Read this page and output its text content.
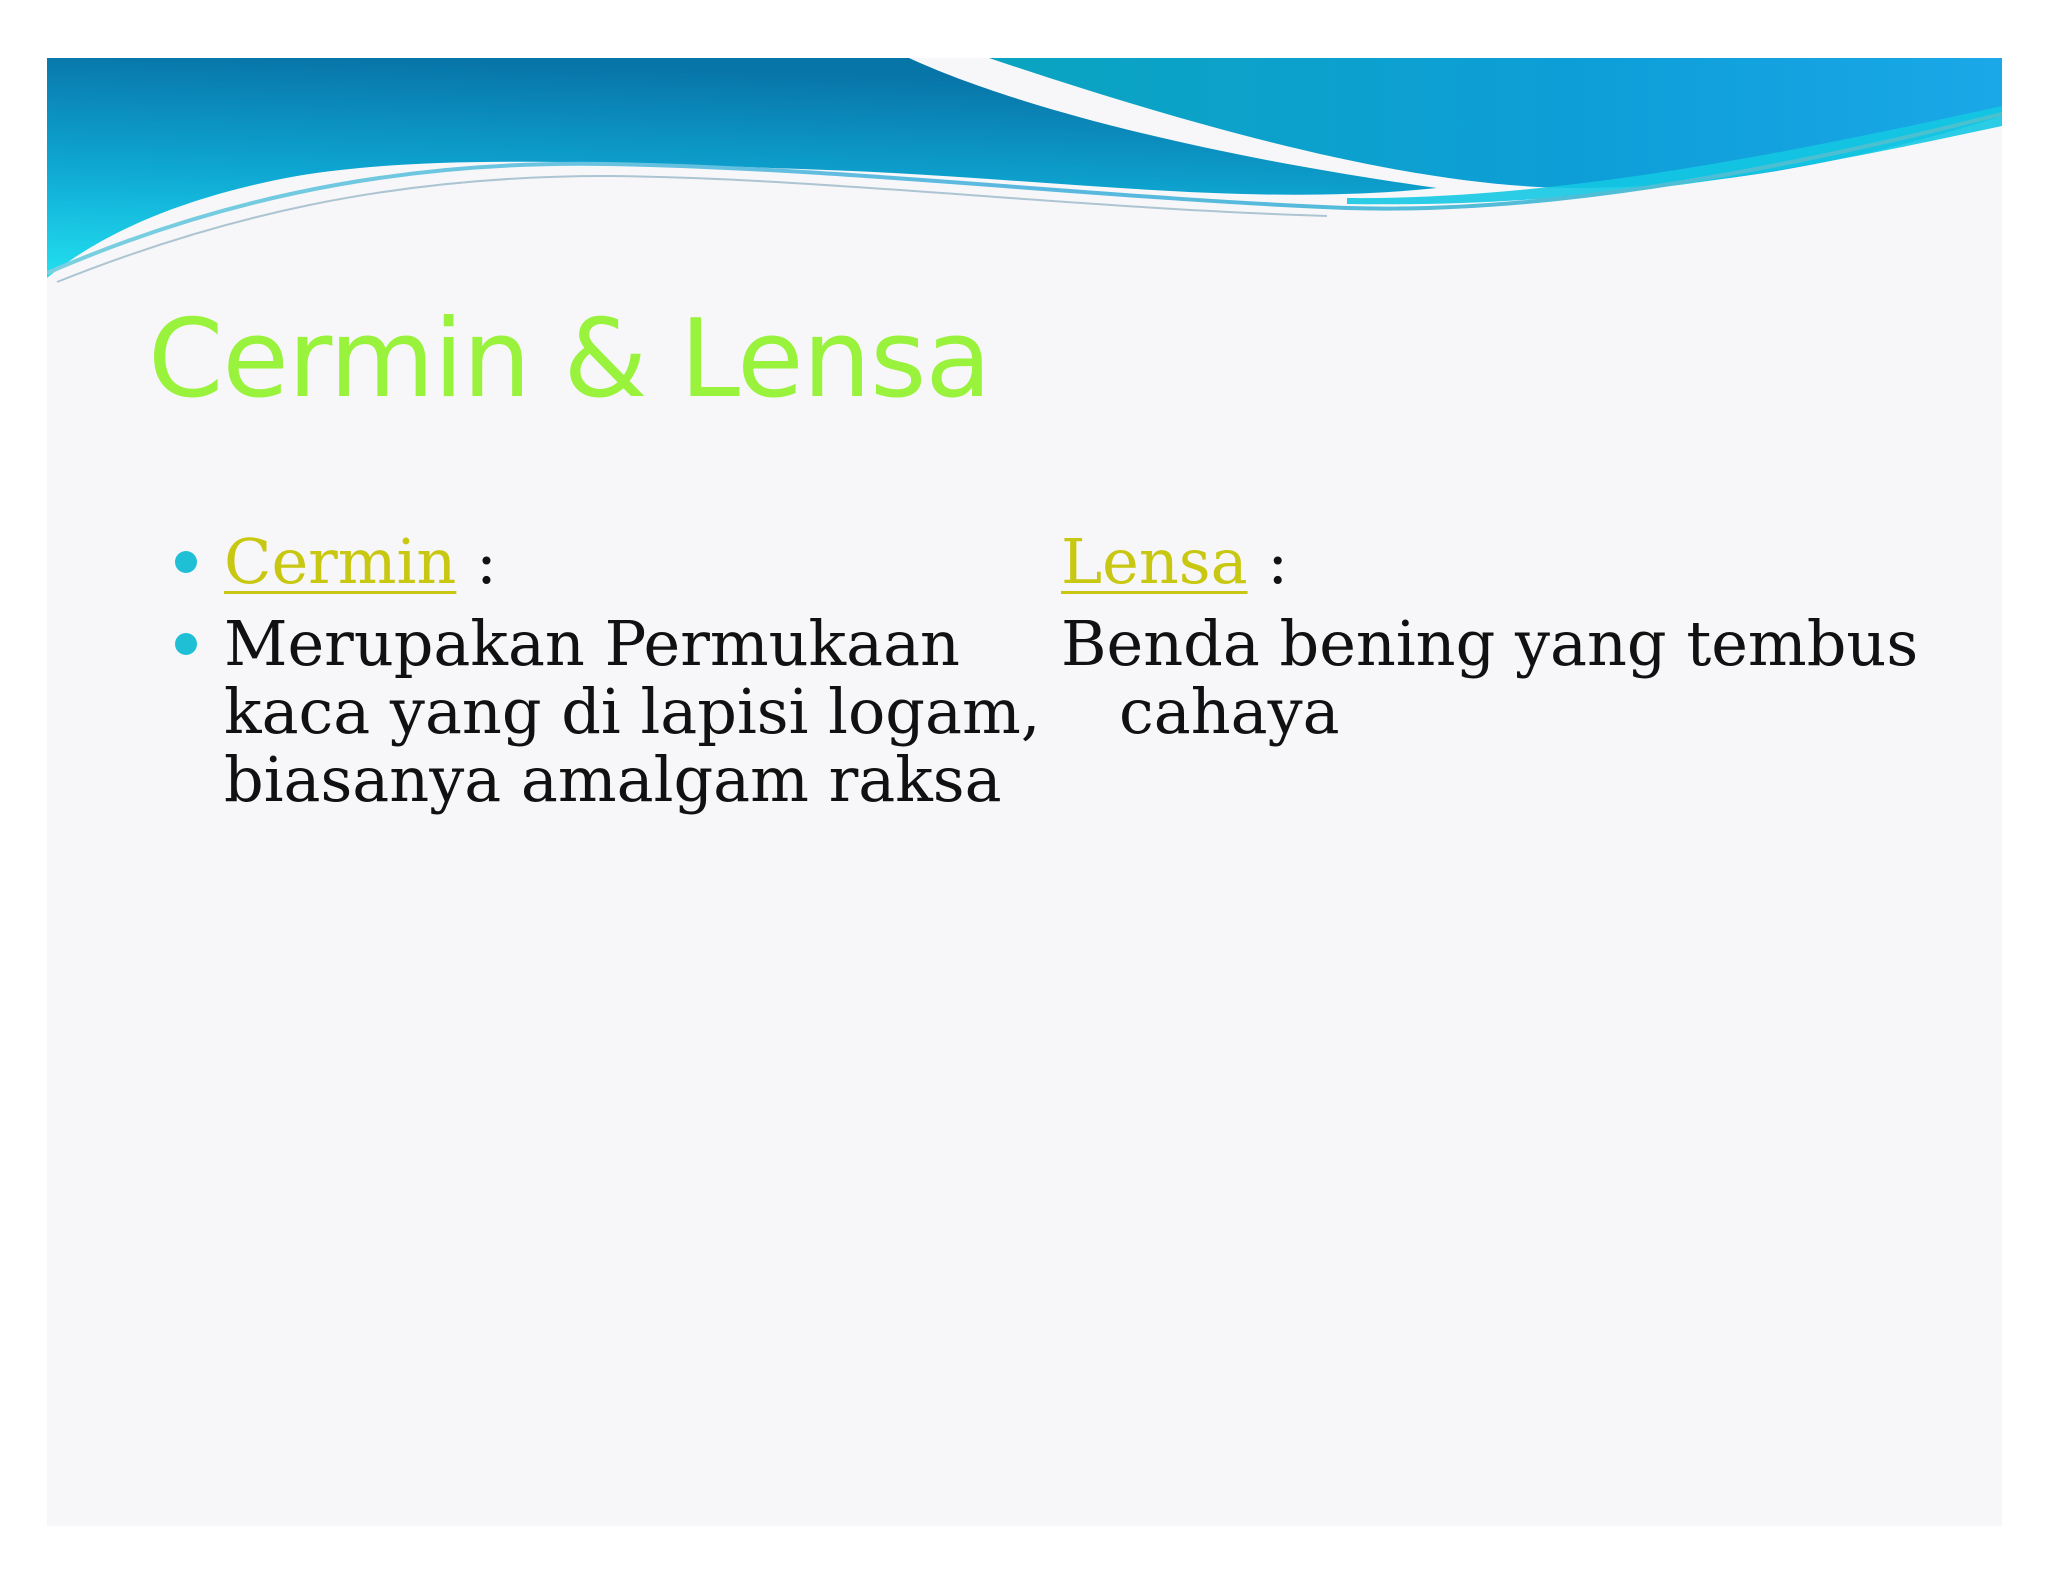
Cermin & Lensa

Cermin :

Merupakan Permukaan kaca yang di lapisi logam, biasanya amalgam raksa

Lensa :

Benda bening yang tembus cahaya
